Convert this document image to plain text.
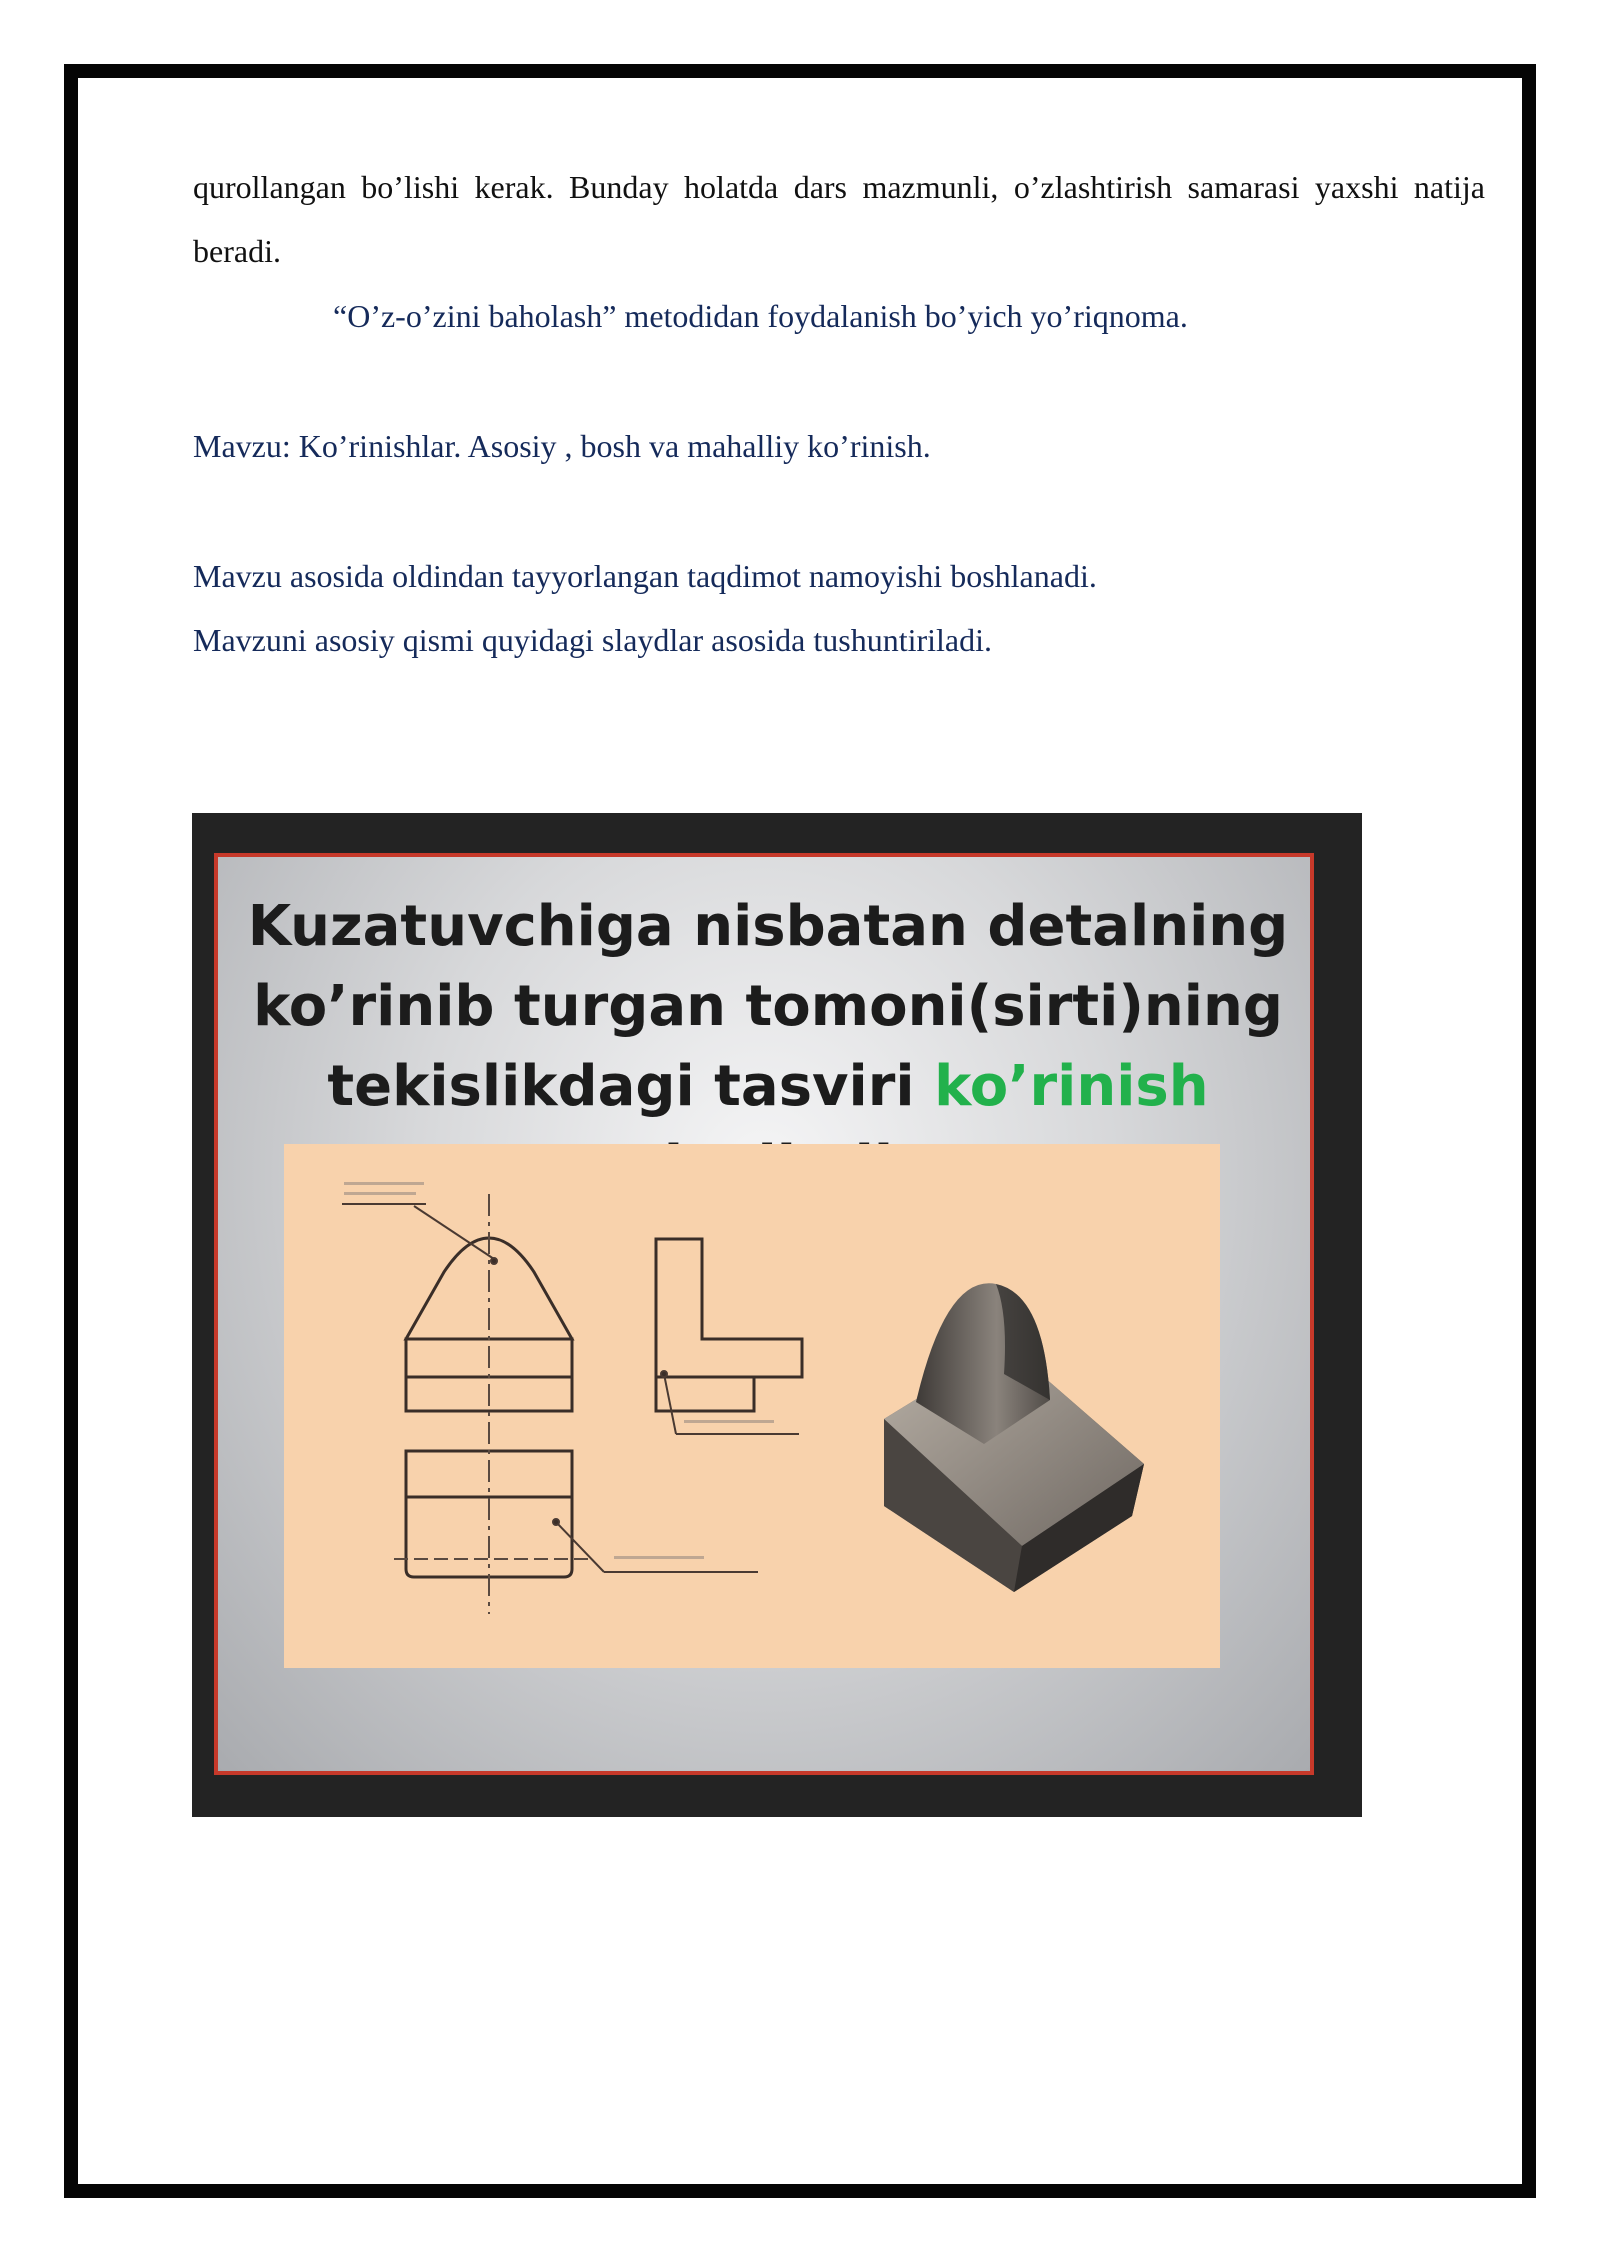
qurollangan bo’lishi kerak. Bunday holatda dars mazmunli, o’zlashtirish samarasi yaxshi natija beradi.

“O’z-o’zini baholash” metodidan foydalanish bo’yich yo’riqnoma.

Mavzu: Ko’rinishlar. Asosiy , bosh va mahalliy ko’rinish.

Mavzu asosida oldindan tayyorlangan taqdimot namoyishi boshlanadi.

Mavzuni asosiy qismi quyidagi slaydlar asosida tushuntiriladi.

Kuzatuvchiga nisbatan detalning
ko’rinib turgan tomoni(sirti)ning
tekislikdagi tasviri ko’rinish
